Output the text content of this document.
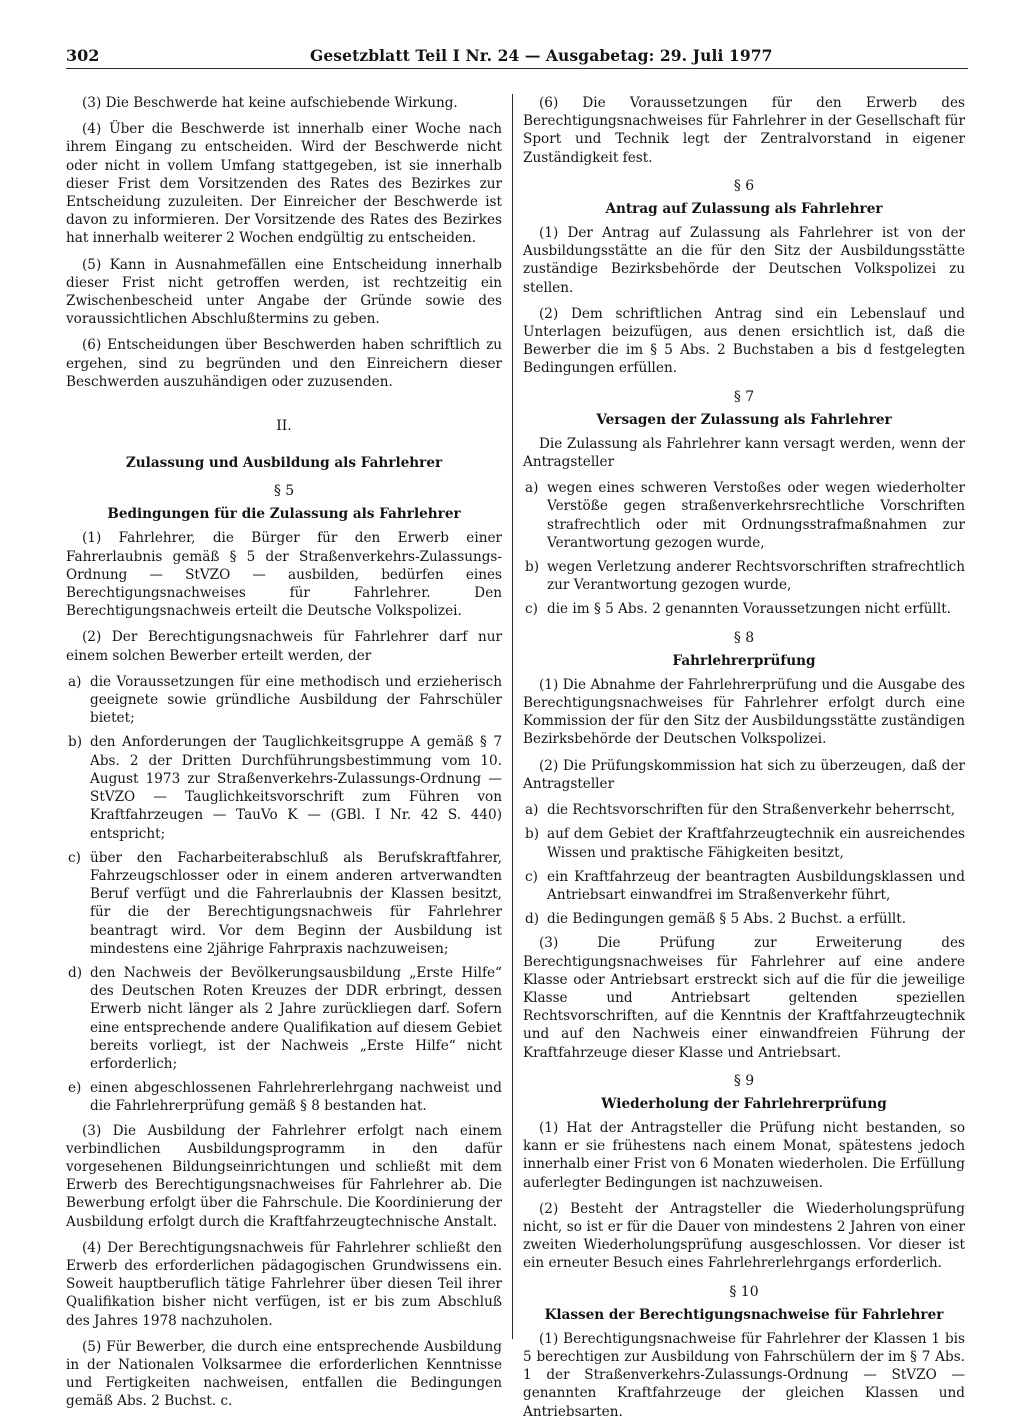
302	Gesetzblatt Teil I Nr. 24 — Ausgabetag: 29. Juli 1977

(3) Die Beschwerde hat keine aufschiebende Wirkung.

(4) Über die Beschwerde ist innerhalb einer Woche nach ihrem Eingang zu entscheiden. Wird der Beschwerde nicht oder nicht in vollem Umfang stattgegeben, ist sie innerhalb dieser Frist dem Vorsitzenden des Rates des Bezirkes zur Entscheidung zuzuleiten. Der Einreicher der Beschwerde ist davon zu informieren. Der Vorsitzende des Rates des Bezirkes hat innerhalb weiterer 2 Wochen endgültig zu entscheiden.

(5) Kann in Ausnahmefällen eine Entscheidung innerhalb dieser Frist nicht getroffen werden, ist rechtzeitig ein Zwischenbescheid unter Angabe der Gründe sowie des voraussichtlichen Abschlußtermins zu geben.

(6) Entscheidungen über Beschwerden haben schriftlich zu ergehen, sind zu begründen und den Einreichern dieser Beschwerden auszuhändigen oder zuzusenden.

II.

Zulassung und Ausbildung als Fahrlehrer

§ 5

Bedingungen für die Zulassung als Fahrlehrer

(1) Fahrlehrer, die Bürger für den Erwerb einer Fahrerlaubnis gemäß § 5 der Straßenverkehrs-Zulassungs-Ordnung — StVZO — ausbilden, bedürfen eines Berechtigungsnachweises für Fahrlehrer. Den Berechtigungsnachweis erteilt die Deutsche Volkspolizei.

(2) Der Berechtigungsnachweis für Fahrlehrer darf nur einem solchen Bewerber erteilt werden, der

a) die Voraussetzungen für eine methodisch und erzieherisch geeignete sowie gründliche Ausbildung der Fahrschüler bietet;
b) den Anforderungen der Tauglichkeitsgruppe A gemäß § 7 Abs. 2 der Dritten Durchführungsbestimmung vom 10. August 1973 zur Straßenverkehrs-Zulassungs-Ordnung — StVZO — Tauglichkeitsvorschrift zum Führen von Kraftfahrzeugen — TauVo K — (GBl. I Nr. 42 S. 440) entspricht;
c) über den Facharbeiterabschluß als Berufskraftfahrer, Fahrzeugschlosser oder in einem anderen artverwandten Beruf verfügt und die Fahrerlaubnis der Klassen besitzt, für die der Berechtigungsnachweis für Fahrlehrer beantragt wird. Vor dem Beginn der Ausbildung ist mindestens eine 2jährige Fahrpraxis nachzuweisen;
d) den Nachweis der Bevölkerungsausbildung „Erste Hilfe“ des Deutschen Roten Kreuzes der DDR erbringt, dessen Erwerb nicht länger als 2 Jahre zurückliegen darf. Sofern eine entsprechende andere Qualifikation auf diesem Gebiet bereits vorliegt, ist der Nachweis „Erste Hilfe“ nicht erforderlich;
e) einen abgeschlossenen Fahrlehrerlehrgang nachweist und die Fahrlehrerprüfung gemäß § 8 bestanden hat.

(3) Die Ausbildung der Fahrlehrer erfolgt nach einem verbindlichen Ausbildungsprogramm in den dafür vorgesehenen Bildungseinrichtungen und schließt mit dem Erwerb des Berechtigungsnachweises für Fahrlehrer ab. Die Bewerbung erfolgt über die Fahrschule. Die Koordinierung der Ausbildung erfolgt durch die Kraftfahrzeugtechnische Anstalt.

(4) Der Berechtigungsnachweis für Fahrlehrer schließt den Erwerb des erforderlichen pädagogischen Grundwissens ein. Soweit hauptberuflich tätige Fahrlehrer über diesen Teil ihrer Qualifikation bisher nicht verfügen, ist er bis zum Abschluß des Jahres 1978 nachzuholen.

(5) Für Bewerber, die durch eine entsprechende Ausbildung in der Nationalen Volksarmee die erforderlichen Kenntnisse und Fertigkeiten nachweisen, entfallen die Bedingungen gemäß Abs. 2 Buchst. c.

(6) Die Voraussetzungen für den Erwerb des Berechtigungsnachweises für Fahrlehrer in der Gesellschaft für Sport und Technik legt der Zentralvorstand in eigener Zuständigkeit fest.

§ 6

Antrag auf Zulassung als Fahrlehrer

(1) Der Antrag auf Zulassung als Fahrlehrer ist von der Ausbildungsstätte an die für den Sitz der Ausbildungsstätte zuständige Bezirksbehörde der Deutschen Volkspolizei zu stellen.

(2) Dem schriftlichen Antrag sind ein Lebenslauf und Unterlagen beizufügen, aus denen ersichtlich ist, daß die Bewerber die im § 5 Abs. 2 Buchstaben a bis d festgelegten Bedingungen erfüllen.

§ 7

Versagen der Zulassung als Fahrlehrer

Die Zulassung als Fahrlehrer kann versagt werden, wenn der Antragsteller

a) wegen eines schweren Verstoßes oder wegen wiederholter Verstöße gegen straßenverkehrsrechtliche Vorschriften strafrechtlich oder mit Ordnungsstrafmaßnahmen zur Verantwortung gezogen wurde,
b) wegen Verletzung anderer Rechtsvorschriften strafrechtlich zur Verantwortung gezogen wurde,
c) die im § 5 Abs. 2 genannten Voraussetzungen nicht erfüllt.

§ 8

Fahrlehrerprüfung

(1) Die Abnahme der Fahrlehrerprüfung und die Ausgabe des Berechtigungsnachweises für Fahrlehrer erfolgt durch eine Kommission der für den Sitz der Ausbildungsstätte zuständigen Bezirksbehörde der Deutschen Volkspolizei.

(2) Die Prüfungskommission hat sich zu überzeugen, daß der Antragsteller

a) die Rechtsvorschriften für den Straßenverkehr beherrscht,
b) auf dem Gebiet der Kraftfahrzeugtechnik ein ausreichendes Wissen und praktische Fähigkeiten besitzt,
c) ein Kraftfahrzeug der beantragten Ausbildungsklassen und Antriebsart einwandfrei im Straßenverkehr führt,
d) die Bedingungen gemäß § 5 Abs. 2 Buchst. a erfüllt.

(3) Die Prüfung zur Erweiterung des Berechtigungsnachweises für Fahrlehrer auf eine andere Klasse oder Antriebsart erstreckt sich auf die für die jeweilige Klasse und Antriebsart geltenden speziellen Rechtsvorschriften, auf die Kenntnis der Kraftfahrzeugtechnik und auf den Nachweis einer einwandfreien Führung der Kraftfahrzeuge dieser Klasse und Antriebsart.

§ 9

Wiederholung der Fahrlehrerprüfung

(1) Hat der Antragsteller die Prüfung nicht bestanden, so kann er sie frühestens nach einem Monat, spätestens jedoch innerhalb einer Frist von 6 Monaten wiederholen. Die Erfüllung auferlegter Bedingungen ist nachzuweisen.

(2) Besteht der Antragsteller die Wiederholungsprüfung nicht, so ist er für die Dauer von mindestens 2 Jahren von einer zweiten Wiederholungsprüfung ausgeschlossen. Vor dieser ist ein erneuter Besuch eines Fahrlehrerlehrgangs erforderlich.

§ 10

Klassen der Berechtigungsnachweise für Fahrlehrer

(1) Berechtigungsnachweise für Fahrlehrer der Klassen 1 bis 5 berechtigen zur Ausbildung von Fahrschülern der im § 7 Abs. 1 der Straßenverkehrs-Zulassungs-Ordnung — StVZO — genannten Kraftfahrzeuge der gleichen Klassen und Antriebsarten.
